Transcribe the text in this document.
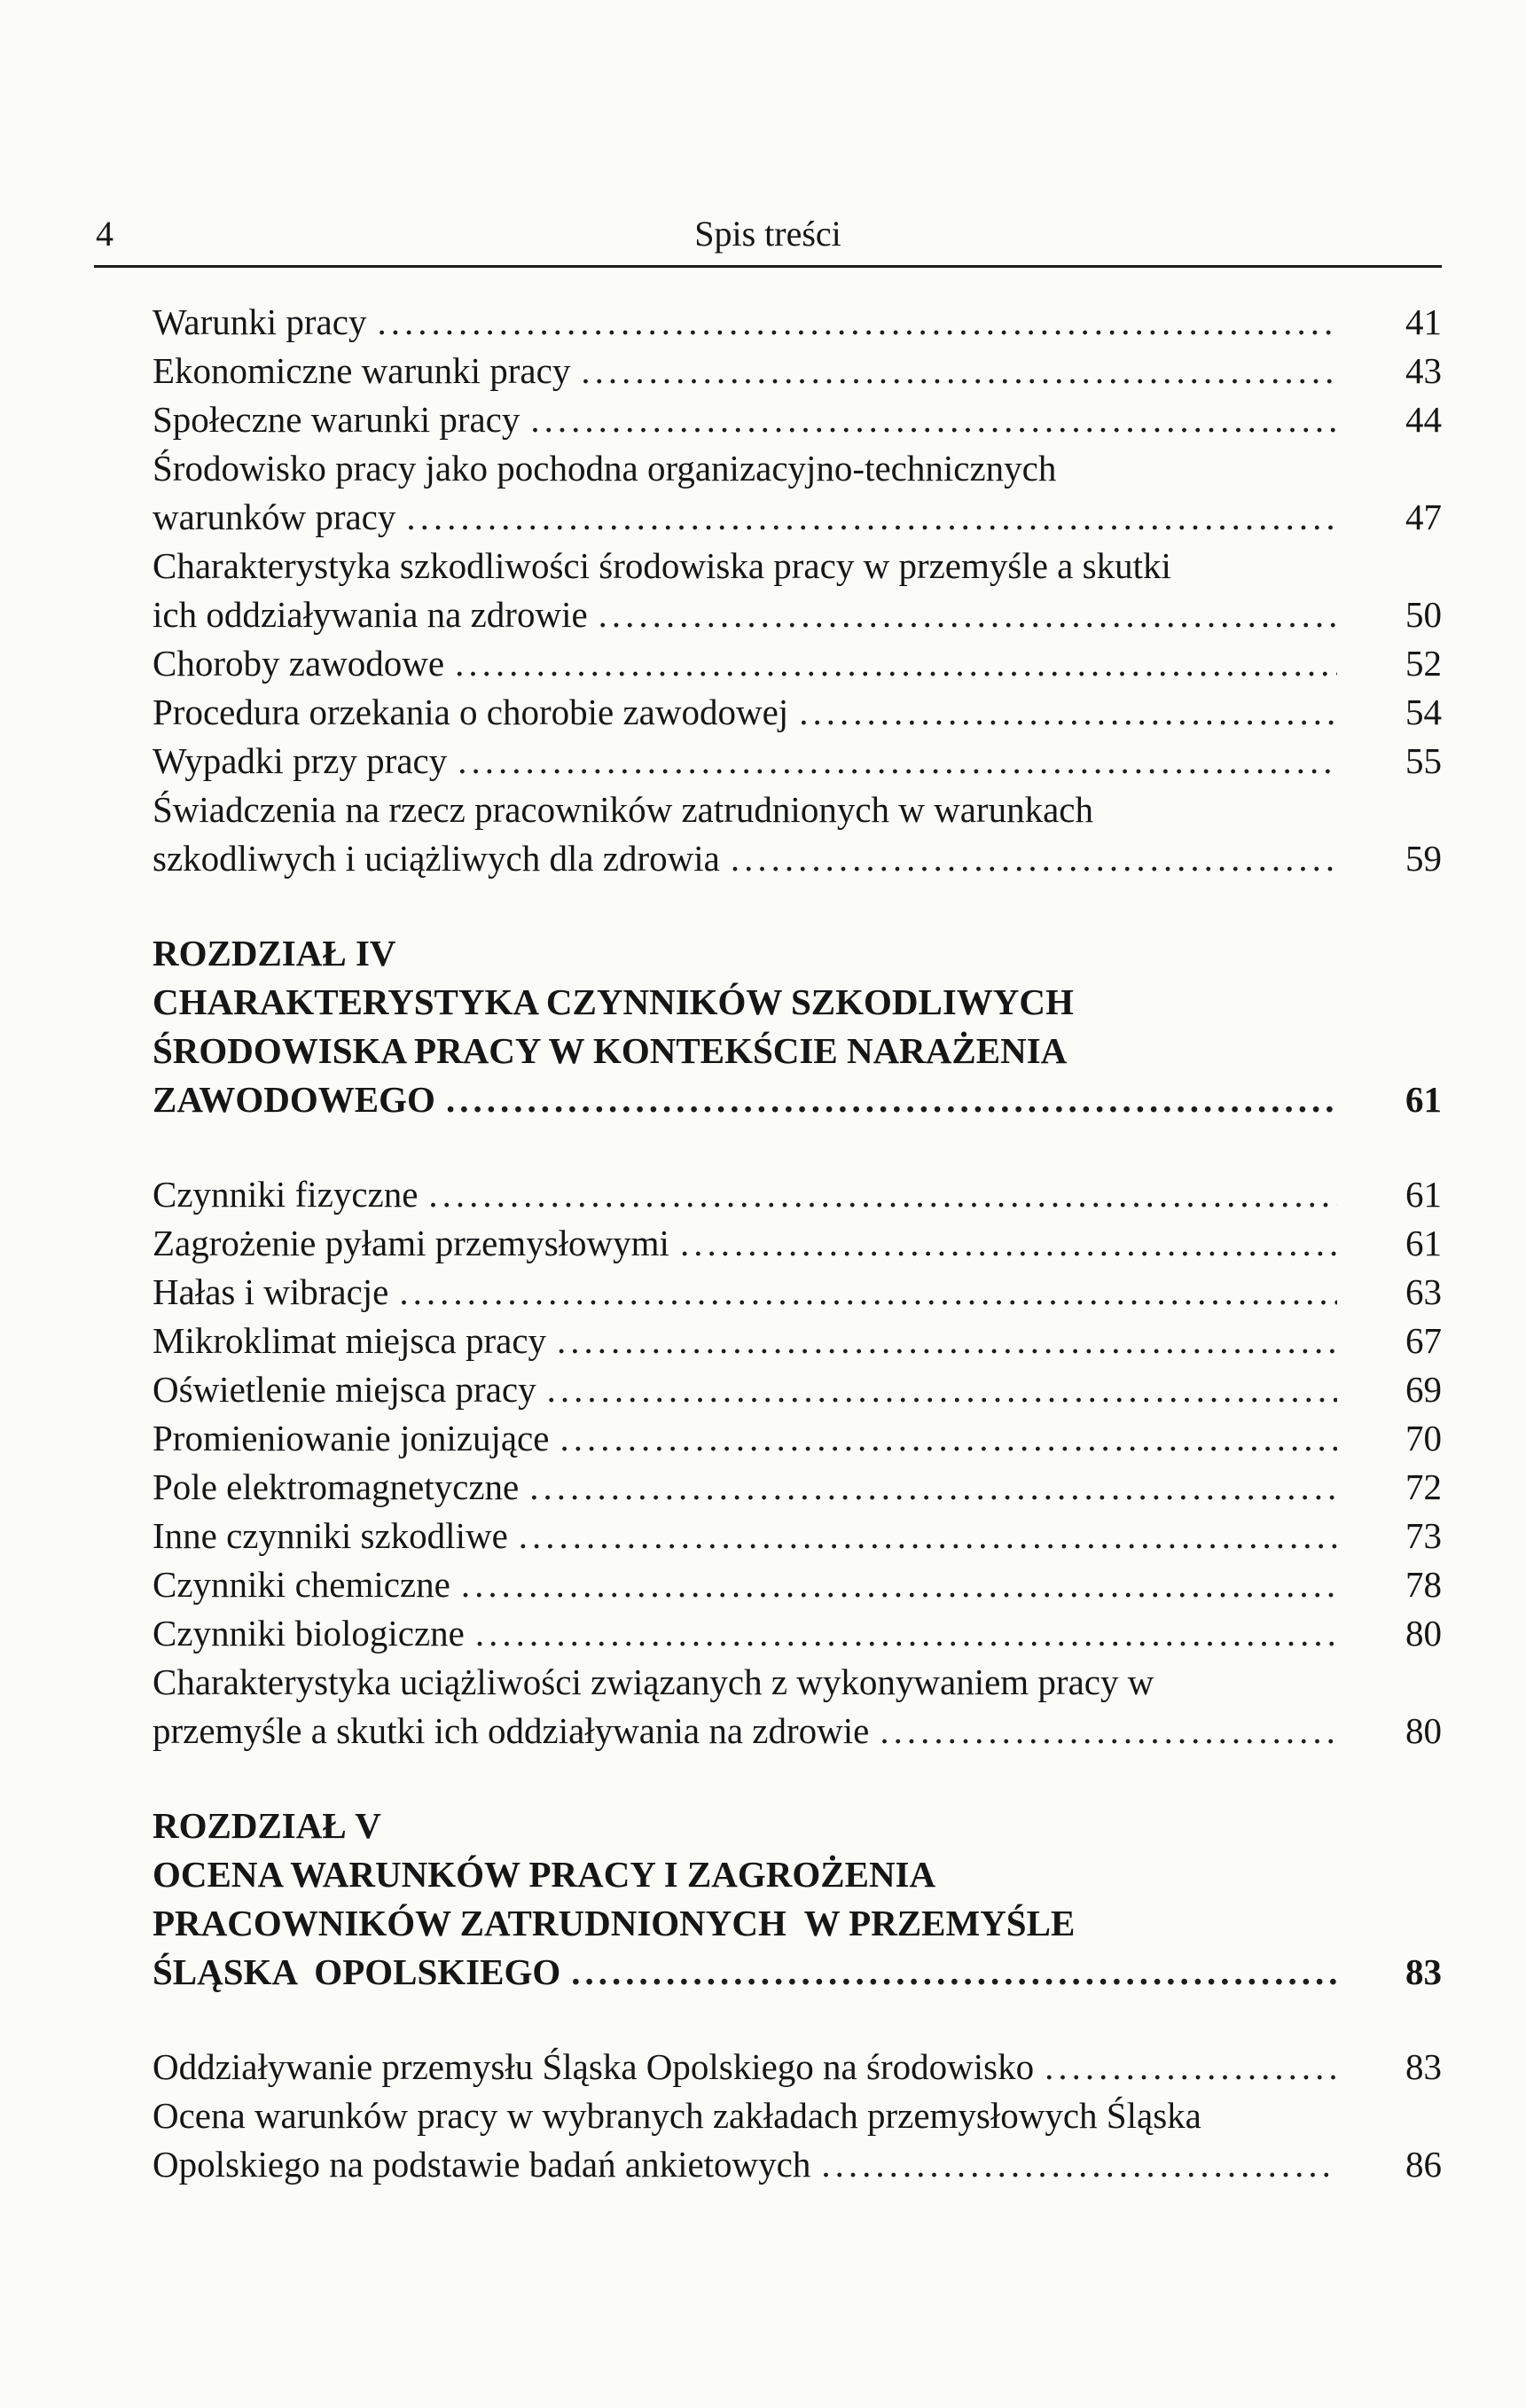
4	Spis treści
Warunki pracy .....	41
Ekonomiczne warunki pracy .....	43
Społeczne warunki pracy .....	44
Środowisko pracy jako pochodna organizacyjno-technicznych
warunków pracy .....	47
Charakterystyka szkodliwości środowiska pracy w przemyśle a skutki
ich oddziaływania na zdrowie .....	50
Choroby zawodowe .....	52
Procedura orzekania o chorobie zawodowej .....	54
Wypadki przy pracy .....	55
Świadczenia na rzecz pracowników zatrudnionych w warunkach
szkodliwych i uciążliwych dla zdrowia .....	59
ROZDZIAŁ IV
CHARAKTERYSTYKA CZYNNIKÓW SZKODLIWYCH
ŚRODOWISKA PRACY W KONTEKŚCIE NARAŻENIA
ZAWODOWEGO .....	61
Czynniki fizyczne .....	61
Zagrożenie pyłami przemysłowymi .....	61
Hałas i wibracje .....	63
Mikroklimat miejsca pracy .....	67
Oświetlenie miejsca pracy .....	69
Promieniowanie jonizujące .....	70
Pole elektromagnetyczne .....	72
Inne czynniki szkodliwe .....	73
Czynniki chemiczne .....	78
Czynniki biologiczne .....	80
Charakterystyka uciążliwości związanych z wykonywaniem pracy w
przemyśle a skutki ich oddziaływania na zdrowie .....	80
ROZDZIAŁ V
OCENA WARUNKÓW PRACY I ZAGROŻENIA
PRACOWNIKÓW ZATRUDNIONYCH  W PRZEMYŚLE
ŚLĄSKA  OPOLSKIEGO .....	83
Oddziaływanie przemysłu Śląska Opolskiego na środowisko .....	83
Ocena warunków pracy w wybranych zakładach przemysłowych Śląska
Opolskiego na podstawie badań ankietowych .....	86
